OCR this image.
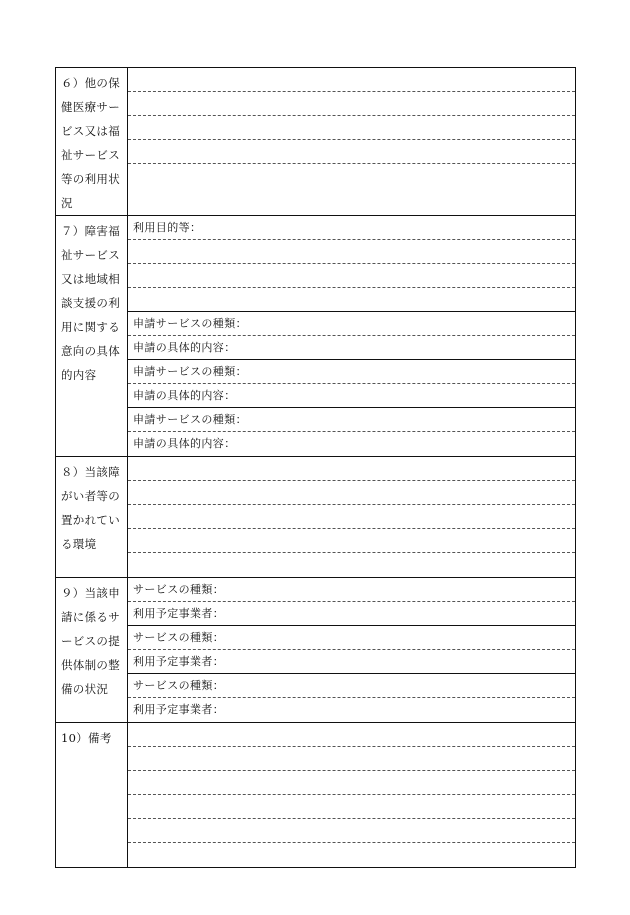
６）他の保健医療サービス又は福祉サービス等の利用状況
７）障害福祉サービス又は地域相談支援の利用に関する意向の具体的内容
利用目的等：
申請サービスの種類：
申請の具体的内容：
申請サービスの種類：
申請の具体的内容：
申請サービスの種類：
申請の具体的内容：
８）当該障がい者等の置かれている環境
９）当該申請に係るサービスの提供体制の整備の状況
サービスの種類：
利用予定事業者：
サービスの種類：
利用予定事業者：
サービスの種類：
利用予定事業者：
10）備考
